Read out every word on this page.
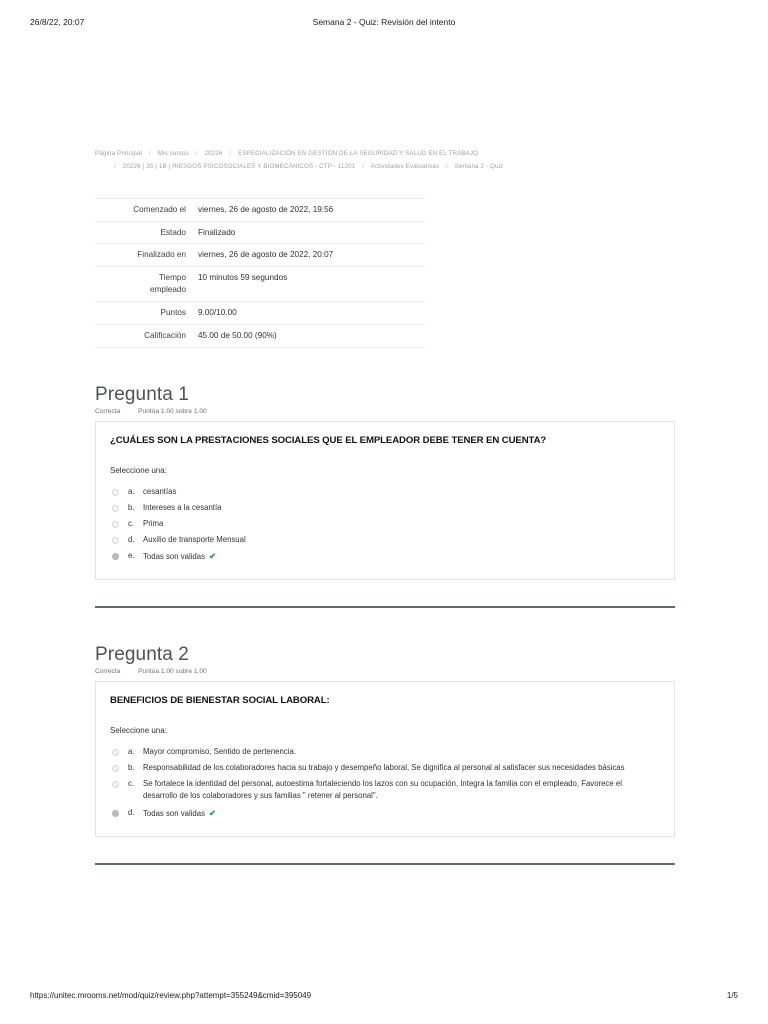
26/8/22, 20:07	Semana 2 - Quiz: Revisión del intento
Página Principal / Mis cursos / 20226 / ESPECIALIZACIÓN EN GESTIÓN DE LA SEGURIDAD Y SALUD EN EL TRABAJO
/ 20226 | 25 | 1B | RIESGOS PSICOSOCIALES Y BIOMECÁNICOS - CTP - 11201 / Actividades Evaluativas / Semana 2 - Quiz
Comenzado el	viernes, 26 de agosto de 2022, 19:56
Estado	Finalizado
Finalizado en	viernes, 26 de agosto de 2022, 20:07
Tiempo
empleado	10 minutos 59 segundos
Puntos	9.00/10.00
Calificación	45.00 de 50.00 (90%)
Pregunta 1
Correcta	Puntúa 1.00 sobre 1.00
¿CUÁLES SON LA PRESTACIONES SOCIALES QUE EL EMPLEADOR DEBE TENER EN CUENTA?
Seleccione una:
a.	cesantías
b.	Intereses a la cesantía
c.	Prima
d.	Auxilio de transporte Mensual
e.	Todas son validas ✔
Pregunta 2
Correcta	Puntúa 1.00 sobre 1.00
BENEFICIOS DE BIENESTAR SOCIAL LABORAL:
Seleccione una:
a.	Mayor compromiso, Sentido de pertenencia.
b.	Responsabilidad de los colaboradores hacia su trabajo y desempeño laboral, Se dignifica al personal al satisfacer sus necesidades básicas
c.	Se fortalece la identidad del personal, autoestima fortaleciendo los lazos con su ocupación, Integra la familia con el empleado, Favorece el desarrollo de los colaboradores y sus familias " retener al personal".
d.	Todas son validas ✔
https://unitec.mrooms.net/mod/quiz/review.php?attempt=355249&cmid=395049	1/5
